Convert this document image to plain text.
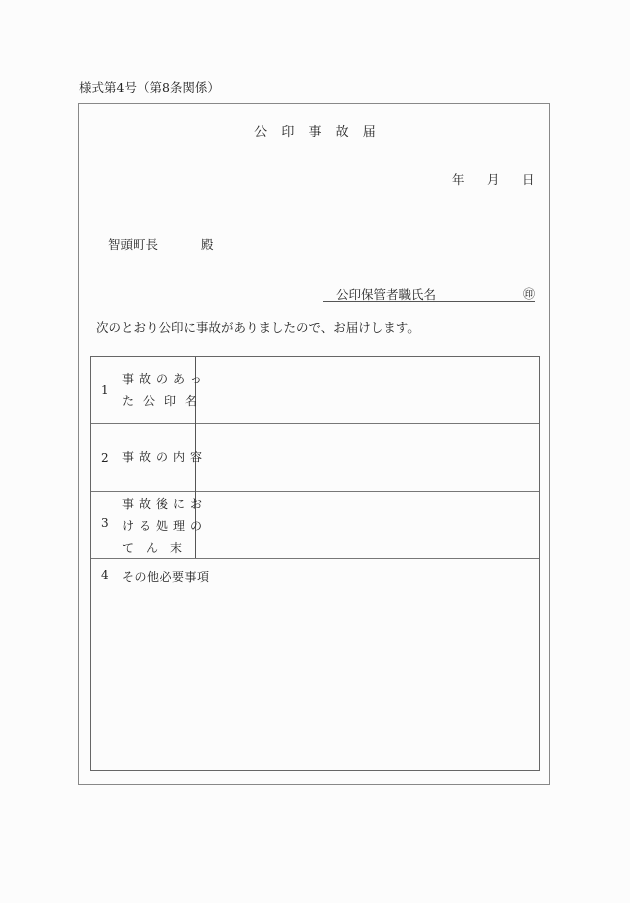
様式第4号（第8条関係）
公 印 事 故 届
年 月 日
智頭町長	殿
公印保管者職氏名	㊞
次のとおり公印に事故がありましたので、お届けします。
1
事故のあっ
た公印名
2 事故の内容
3
事故後にお
ける処理の
て　ん　末
4 その他必要事項
